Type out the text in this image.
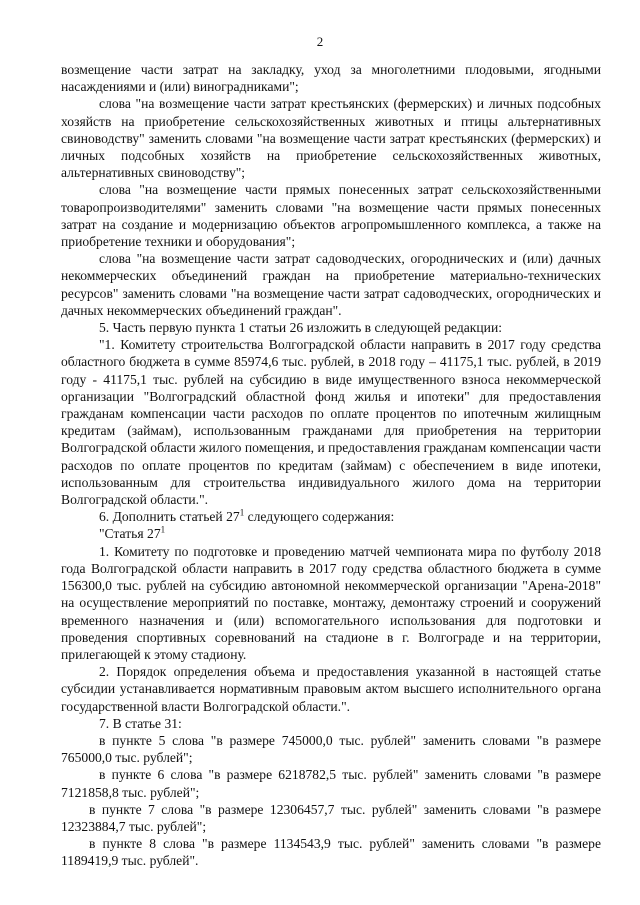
2

возмещение части затрат на закладку, уход за многолетними плодовыми, ягодными насаждениями и (или) виноградниками";

слова "на возмещение части затрат крестьянских (фермерских) и личных подсобных хозяйств на приобретение сельскохозяйственных животных и птицы альтернативных свиноводству" заменить словами "на возмещение части затрат крестьянских (фермерских) и личных подсобных хозяйств на приобретение сельскохозяйственных животных, альтернативных свиноводству";

слова "на возмещение части прямых понесенных затрат сельскохозяйственными товаропроизводителями" заменить словами "на возмещение части прямых понесенных затрат на создание и модернизацию объектов агропромышленного комплекса, а также на приобретение техники и оборудования";

слова "на возмещение части затрат садоводческих, огороднических и (или) дачных некоммерческих объединений граждан на приобретение материально-технических ресурсов" заменить словами "на возмещение части затрат садоводческих, огороднических и дачных некоммерческих объединений граждан".

5. Часть первую пункта 1 статьи 26 изложить в следующей редакции:

"1. Комитету строительства Волгоградской области направить в 2017 году средства областного бюджета в сумме 85974,6 тыс. рублей, в 2018 году – 41175,1 тыс. рублей, в 2019 году - 41175,1 тыс. рублей на субсидию в виде имущественного взноса некоммерческой организации "Волгоградский областной фонд жилья и ипотеки" для предоставления гражданам компенсации части расходов по оплате процентов по ипотечным жилищным кредитам (займам), использованным гражданами для приобретения на территории Волгоградской области жилого помещения, и предоставления гражданам компенсации части расходов по оплате процентов по кредитам (займам) с обеспечением в виде ипотеки, использованным для строительства индивидуального жилого дома на территории Волгоградской области.".

6. Дополнить статьей $27^1$ следующего содержания:

"Статья $27^1$

1. Комитету по подготовке и проведению матчей чемпионата мира по футболу 2018 года Волгоградской области направить в 2017 году средства областного бюджета в сумме 156300,0 тыс. рублей на субсидию автономной некоммерческой организации "Арена-2018" на осуществление мероприятий по поставке, монтажу, демонтажу строений и сооружений временного назначения и (или) вспомогательного использования для подготовки и проведения спортивных соревнований на стадионе в г. Волгограде и на территории, прилегающей к этому стадиону.

2. Порядок определения объема и предоставления указанной в настоящей статье субсидии устанавливается нормативным правовым актом высшего исполнительного органа государственной власти Волгоградской области.".

7. В статье 31:

в пункте 5 слова "в размере 745000,0 тыс. рублей" заменить словами "в размере 765000,0 тыс. рублей";

в пункте 6 слова "в размере 6218782,5 тыс. рублей" заменить словами "в размере 7121858,8 тыс. рублей";

в пункте 7 слова "в размере 12306457,7 тыс. рублей" заменить словами "в размере 12323884,7 тыс. рублей";

в пункте 8 слова "в размере 1134543,9 тыс. рублей" заменить словами "в размере 1189419,9 тыс. рублей".
